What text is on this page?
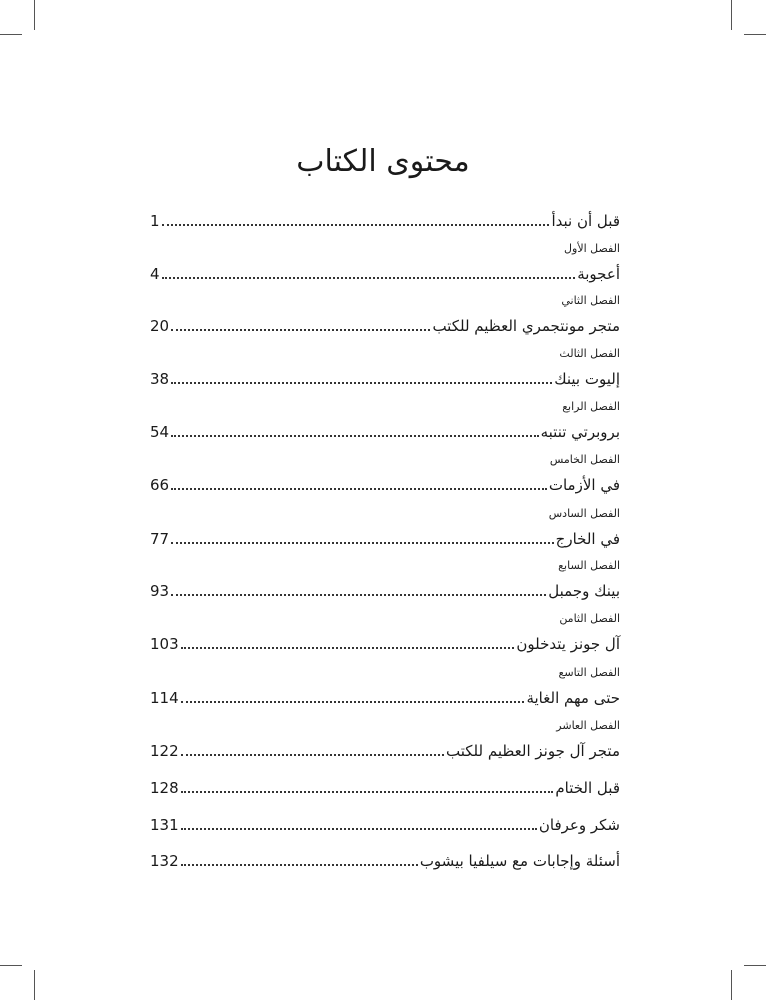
محتوى الكتاب
قبل أن نبدأ
1
الفصل الأول
أعجوبة
4
الفصل الثاني
متجر مونتجمري العظيم للكتب
20
الفصل الثالث
إليوت بينك
38
الفصل الرابع
بروبرتي تنتبه
54
الفصل الخامس
في الأزمات
66
الفصل السادس
في الخارج
77
الفصل السابع
بينك وجمبل
93
الفصل الثامن
آل جونز يتدخلون
103
الفصل التاسع
حتى مهم الغاية
114
الفصل العاشر
متجر آل جونز العظيم للكتب
122
قبل الختام
128
شكر وعرفان
131
أسئلة وإجابات مع سيلفيا بيشوب
132
